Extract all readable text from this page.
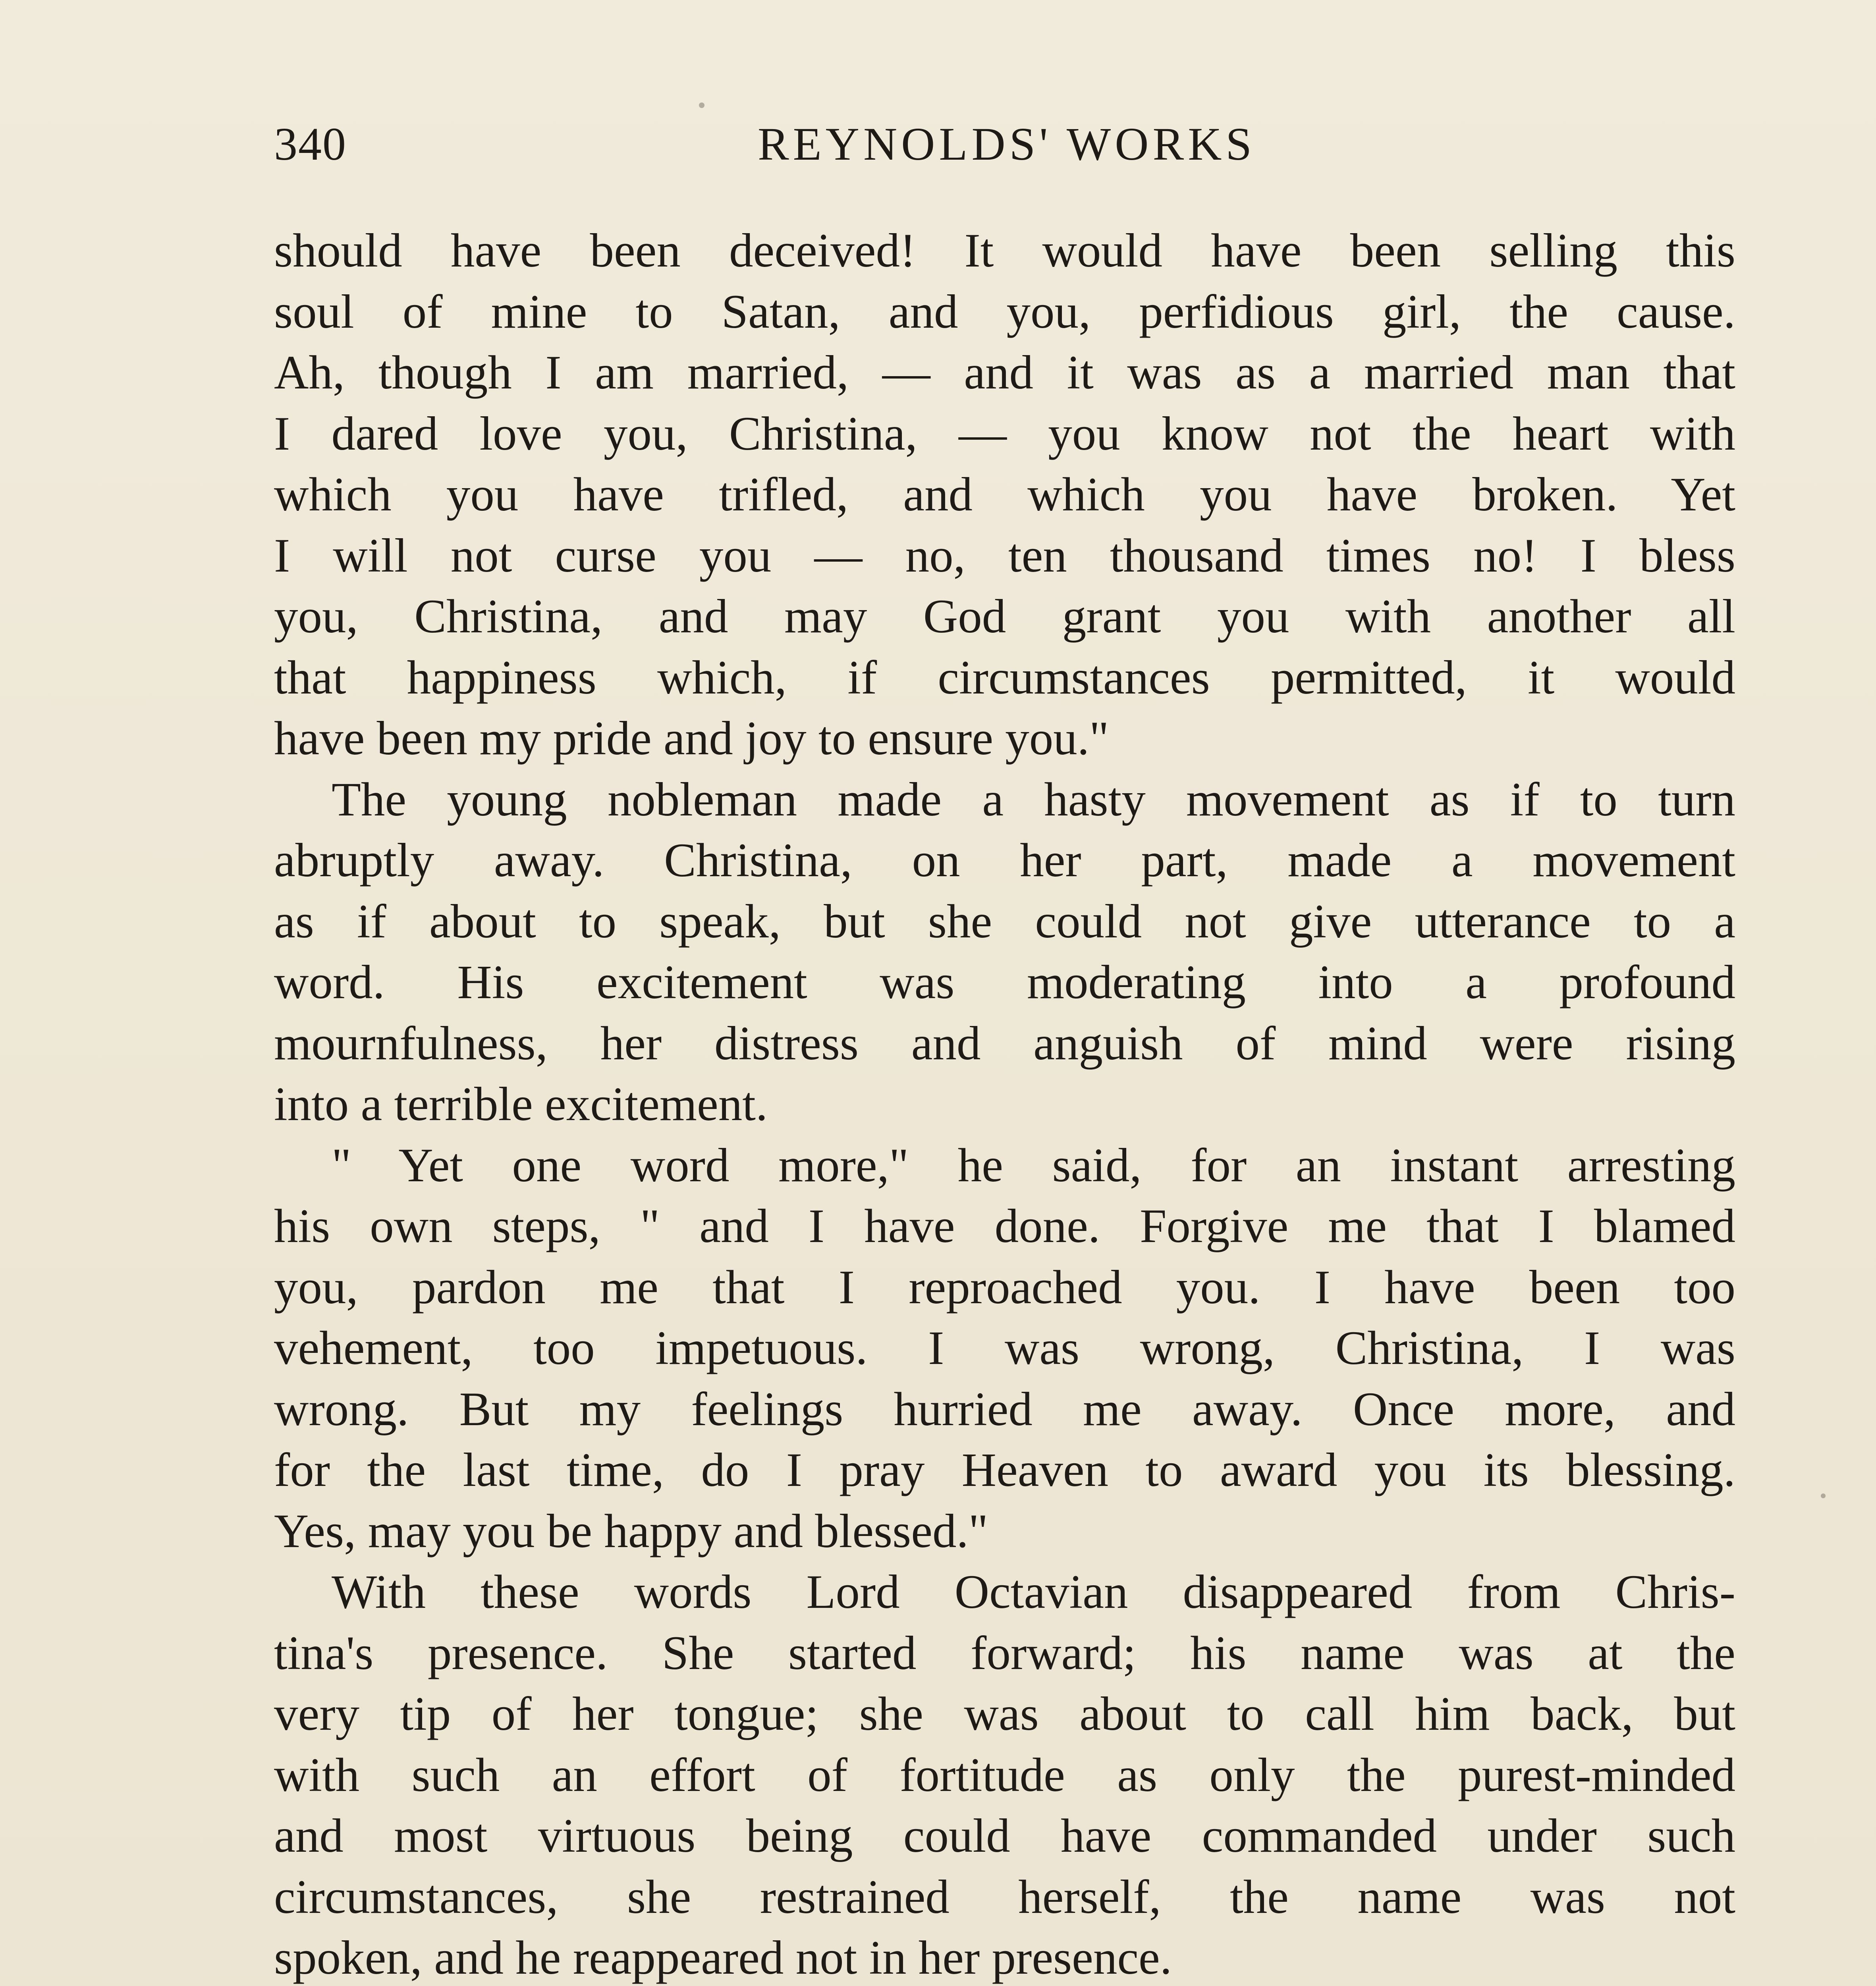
340	REYNOLDS' WORKS
should have been deceived! It would have been selling this
soul of mine to Satan, and you, perfidious girl, the cause.
Ah, though I am married, — and it was as a married man that
I dared love you, Christina, — you know not the heart with
which you have trifled, and which you have broken. Yet
I will not curse you — no, ten thousand times no! I bless
you, Christina, and may God grant you with another all
that happiness which, if circumstances permitted, it would
have been my pride and joy to ensure you."
The young nobleman made a hasty movement as if to turn
abruptly away. Christina, on her part, made a movement
as if about to speak, but she could not give utterance to a
word. His excitement was moderating into a profound
mournfulness, her distress and anguish of mind were rising
into a terrible excitement.
" Yet one word more," he said, for an instant arresting
his own steps, " and I have done. Forgive me that I blamed
you, pardon me that I reproached you. I have been too
vehement, too impetuous. I was wrong, Christina, I was
wrong. But my feelings hurried me away. Once more, and
for the last time, do I pray Heaven to award you its blessing.
Yes, may you be happy and blessed."
With these words Lord Octavian disappeared from Chris-
tina's presence. She started forward; his name was at the
very tip of her tongue; she was about to call him back, but
with such an effort of fortitude as only the purest-minded
and most virtuous being could have commanded under such
circumstances, she restrained herself, the name was not
spoken, and he reappeared not in her presence.
